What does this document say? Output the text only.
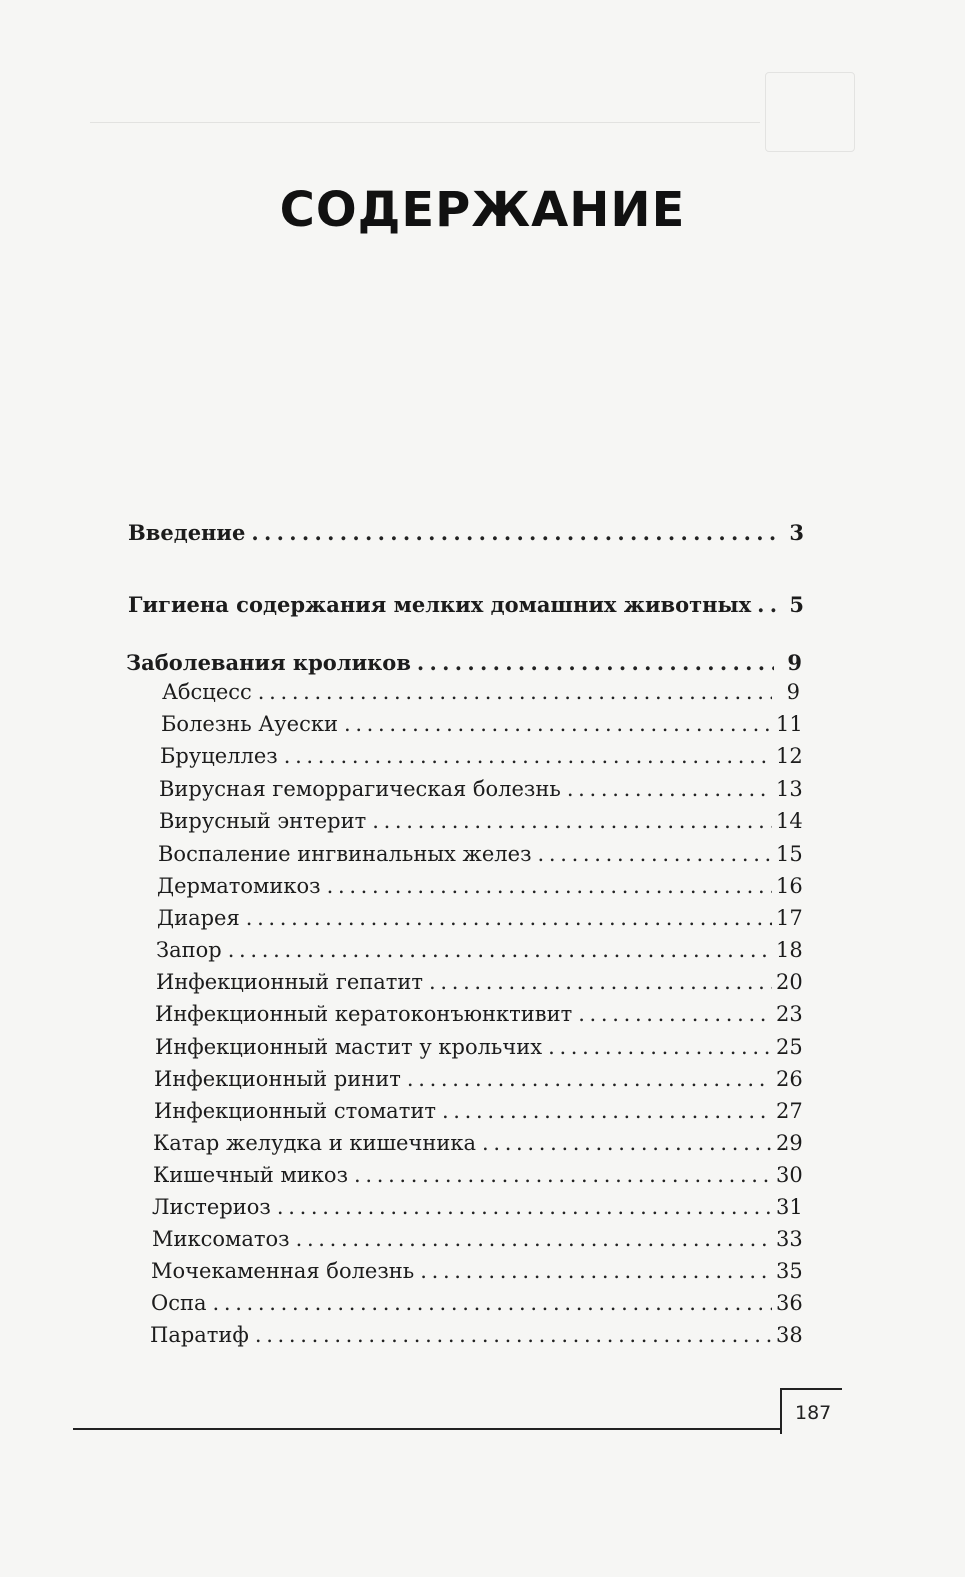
СОДЕРЖАНИЕ
Введение . . .	3
Гигиена содержания мелких домашних животных . . .	5
Заболевания кроликов . . .	9
Абсцесс . . .	9
Болезнь Ауески . . .	11
Бруцеллез . . .	12
Вирусная геморрагическая болезнь . . .	13
Вирусный энтерит . . .	14
Воспаление ингвинальных желез . . .	15
Дерматомикоз . . .	16
Диарея . . .	17
Запор . . .	18
Инфекционный гепатит . . .	20
Инфекционный кератоконъюнктивит . . .	23
Инфекционный мастит у крольчих . . .	25
Инфекционный ринит . . .	26
Инфекционный стоматит . . .	27
Катар желудка и кишечника . . .	29
Кишечный микоз . . .	30
Листериоз . . .	31
Миксоматоз . . .	33
Мочекаменная болезнь . . .	35
Оспа . . .	36
Паратиф . . .	38
187
